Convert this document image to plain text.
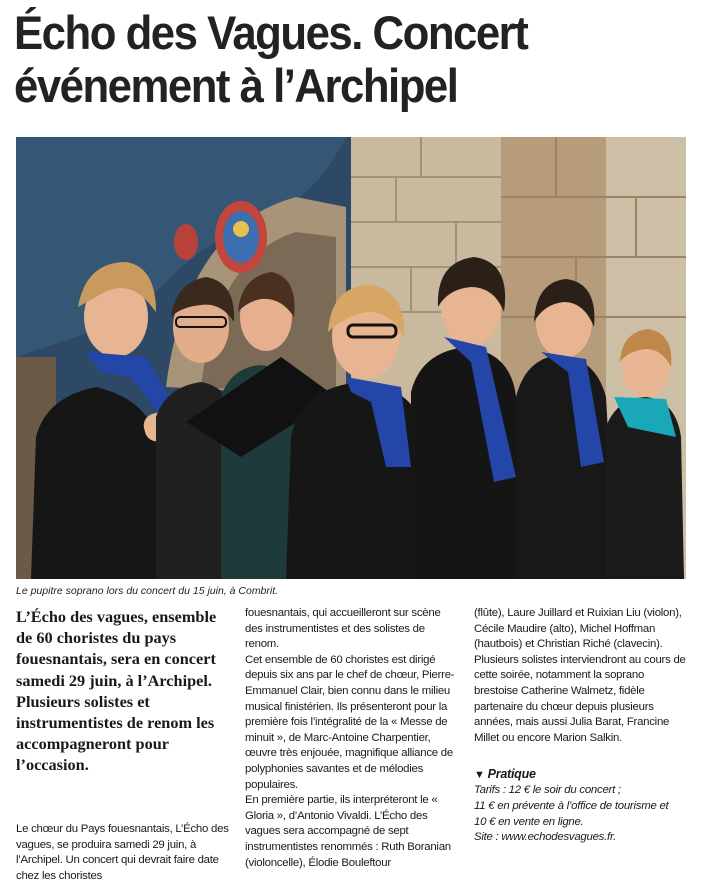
Écho des Vagues. Concert
événement à l’Archipel

Le pupitre soprano lors du concert du 15 juin, à Combrit.

L’Écho des vagues, ensemble de 60 choristes du pays fouesnantais, sera en concert samedi 29 juin, à l’Archipel. Plusieurs solistes et instrumentistes de renom les accompagneront pour l’occasion.

Le chœur du Pays fouesnantais, L’Écho des vagues, se produira samedi 29 juin, à l’Archipel. Un concert qui devrait faire date chez les choristes

fouesnantais, qui accueilleront sur scène des instrumentistes et des solistes de renom.

Cet ensemble de 60 choristes est dirigé depuis six ans par le chef de chœur, Pierre-Emmanuel Clair, bien connu dans le milieu musical finistérien. Ils présenteront pour la première fois l’intégralité de la « Messe de minuit », de Marc-Antoine Charpentier, œuvre très enjouée, magnifique alliance de polyphonies savantes et de mélodies populaires.

En première partie, ils interpréteront le « Gloria », d’Antonio Vivaldi. L’Écho des vagues sera accompagné de sept instrumentistes renommés : Ruth Boranian (violoncelle), Élodie Bouleftour

(flûte), Laure Juillard et Ruixian Liu (violon), Cécile Maudire (alto), Michel Hoffman (hautbois) et Christian Riché (clavecin).

Plusieurs solistes interviendront au cours de cette soirée, notamment la soprano brestoise Catherine Walmetz, fidèle partenaire du chœur depuis plusieurs années, mais aussi Julia Barat, Francine Millet ou encore Marion Salkin.

▼ Pratique
Tarifs : 12 € le soir du concert ;
11 € en prévente à l’office de tourisme et
10 € en vente en ligne.
Site : www.echodesvagues.fr.
